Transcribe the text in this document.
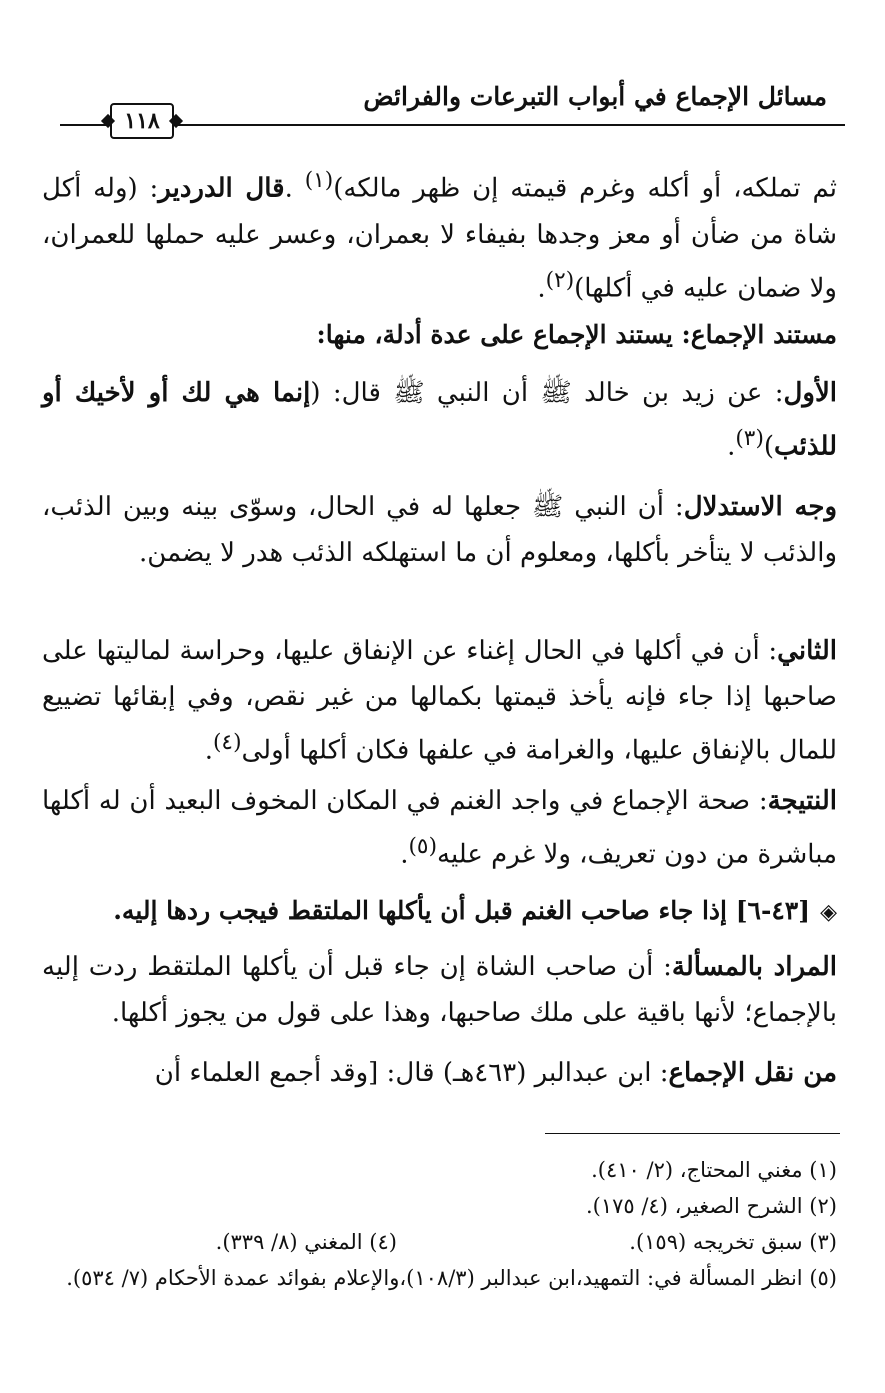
مسائل الإجماع في أبواب التبرعات والفرائض
١١٨

ثم تملكه، أو أكله وغرم قيمته إن ظهر مالكه)$^{(١)}$ .قال الدردير: (وله أكل شاة من ضأن أو معز وجدها بفيفاء لا بعمران، وعسر عليه حملها للعمران، ولا ضمان عليه في أكلها)$^{(٢)}$.

مستند الإجماع: يستند الإجماع على عدة أدلة، منها:

الأول: عن زيد بن خالد ﷺ أن النبي ﷺ قال: (إنما هي لك أو لأخيك أو للذئب)$^{(٣)}$.

وجه الاستدلال: أن النبي ﷺ جعلها له في الحال، وسوّى بينه وبين الذئب، والذئب لا يتأخر بأكلها، ومعلوم أن ما استهلكه الذئب هدر لا يضمن.

الثاني: أن في أكلها في الحال إغناء عن الإنفاق عليها، وحراسة لماليتها على صاحبها إذا جاء فإنه يأخذ قيمتها بكمالها من غير نقص، وفي إبقائها تضييع للمال بالإنفاق عليها، والغرامة في علفها فكان أكلها أولى$^{(٤)}$.

النتيجة: صحة الإجماع في واجد الغنم في المكان المخوف البعيد أن له أكلها مباشرة من دون تعريف، ولا غرم عليه$^{(٥)}$.

◈[٤٣-٦] إذا جاء صاحب الغنم قبل أن يأكلها الملتقط فيجب ردها إليه.

المراد بالمسألة: أن صاحب الشاة إن جاء قبل أن يأكلها الملتقط ردت إليه بالإجماع؛ لأنها باقية على ملك صاحبها، وهذا على قول من يجوز أكلها.

من نقل الإجماع: ابن عبدالبر (٤٦٣هـ) قال: [وقد أجمع العلماء أن

(١) مغني المحتاج، (٢/ ٤١٠).
(٢) الشرح الصغير، (٤/ ١٧٥).
(٣) سبق تخريجه (١٥٩).
(٤) المغني (٨/ ٣٣٩).
(٥) انظر المسألة في: التمهيد،ابن عبدالبر (١٠٨/٣)،والإعلام بفوائد عمدة الأحكام (٧/ ٥٣٤).
